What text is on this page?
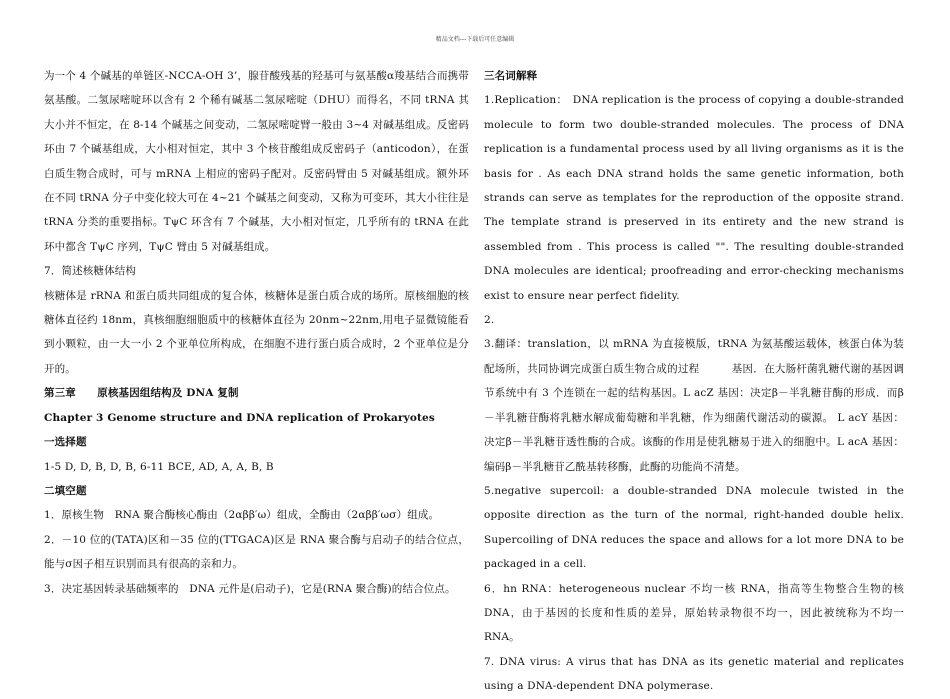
精品文档---下载后可任意编辑

为一个 4 个碱基的单链区-NCCA-OH 3’，腺苷酸残基的羟基可与氨基酸α羧基结合而携带氨基酸。二氢尿嘧啶环以含有 2 个稀有碱基二氢尿嘧啶（DHU）而得名，不同 tRNA 其大小并不恒定，在 8-14 个碱基之间变动，二氢尿嘧啶臂一般由 3~4 对碱基组成。反密码环由 7 个碱基组成，大小相对恒定，其中 3 个核苷酸组成反密码子（anticodon），在蛋白质生物合成时，可与 mRNA 上相应的密码子配对。反密码臂由 5 对碱基组成。额外环在不同 tRNA 分子中变化较大可在 4~21 个碱基之间变动，又称为可变环，其大小往往是 tRNA 分类的重要指标。TψC 环含有 7 个碱基，大小相对恒定，几乎所有的 tRNA 在此环中都含 TψC 序列，TψC 臂由 5 对碱基组成。

7．简述核糖体结构

核糖体是 rRNA 和蛋白质共同组成的复合体，核糖体是蛋白质合成的场所。原核细胞的核糖体直径约 18nm，真核细胞细胞质中的核糖体直径为 20nm~22nm,用电子显微镜能看到小颗粒，由一大一小 2 个亚单位所构成，在细胞不进行蛋白质合成时，2 个亚单位是分开的。

第三章　　原核基因组结构及 DNA 复制

Chapter 3 Genome structure and DNA replication of Prokaryotes

一选择题

1-5 D, D, B, D, B, 6-11 BCE, AD, A, A, B, B

二填空题

1．原核生物　RNA 聚合酶核心酶由（2αββ′ω）组成，全酶由（2αββ′ωσ）组成。

2．－10 位的(TATA)区和－35 位的(TTGACA)区是 RNA 聚合酶与启动子的结合位点，能与σ因子相互识别而具有很高的亲和力。

3．决定基因转录基础频率的　DNA 元件是(启动子)，它是(RNA 聚合酶)的结合位点。

三名词解释

1.Replication：　DNA replication is the process of copying a double-stranded　molecule to form two double-stranded molecules. The process of DNA replication is a fundamental process used by all living organisms as it is the basis for . As each DNA strand holds the same genetic information, both strands can serve as templates for the reproduction of the opposite strand. The template strand is preserved in its entirety and the new strand is assembled from . This process is called "". The resulting double-stranded DNA molecules are identical; proofreading and error-checking mechanisms exist to ensure near perfect fidelity.

2.

3.翻译：translation，以 mRNA 为直接模版，tRNA 为氨基酸运载体，核蛋白体为装配场所，共同协调完成蛋白质生物合成的过程　　　基因．在大肠杆菌乳糖代谢的基因调节系统中有 3 个连锁在一起的结构基因。L acZ 基因：决定β－半乳糖苷酶的形成．而β－半乳糖苷酶将乳糖水解成葡萄糖和半乳糖，作为细菌代谢活动的碳源。 L acY 基因：决定β－半乳糖苷透性酶的合成。该酶的作用是使乳糖易于进入的细胞中。L acA 基因：编码β－半乳糖苷乙酰基转移酶，此酶的功能尚不清楚。

5.negative supercoil: a double-stranded DNA molecule twisted in the opposite direction as the turn of the normal, right-handed double helix. Supercoiling of DNA reduces the space and allows for a lot more DNA to be packaged in a cell.

6．hn RNA：heterogeneous nuclear 不均一核 RNA，指高等生物整合生物的核 DNA，由于基因的长度和性质的差异，原始转录物很不均一，因此被统称为不均一 RNA。

7. DNA virus: A virus that has DNA as its genetic material and replicates using a DNA-dependent DNA polymerase.
